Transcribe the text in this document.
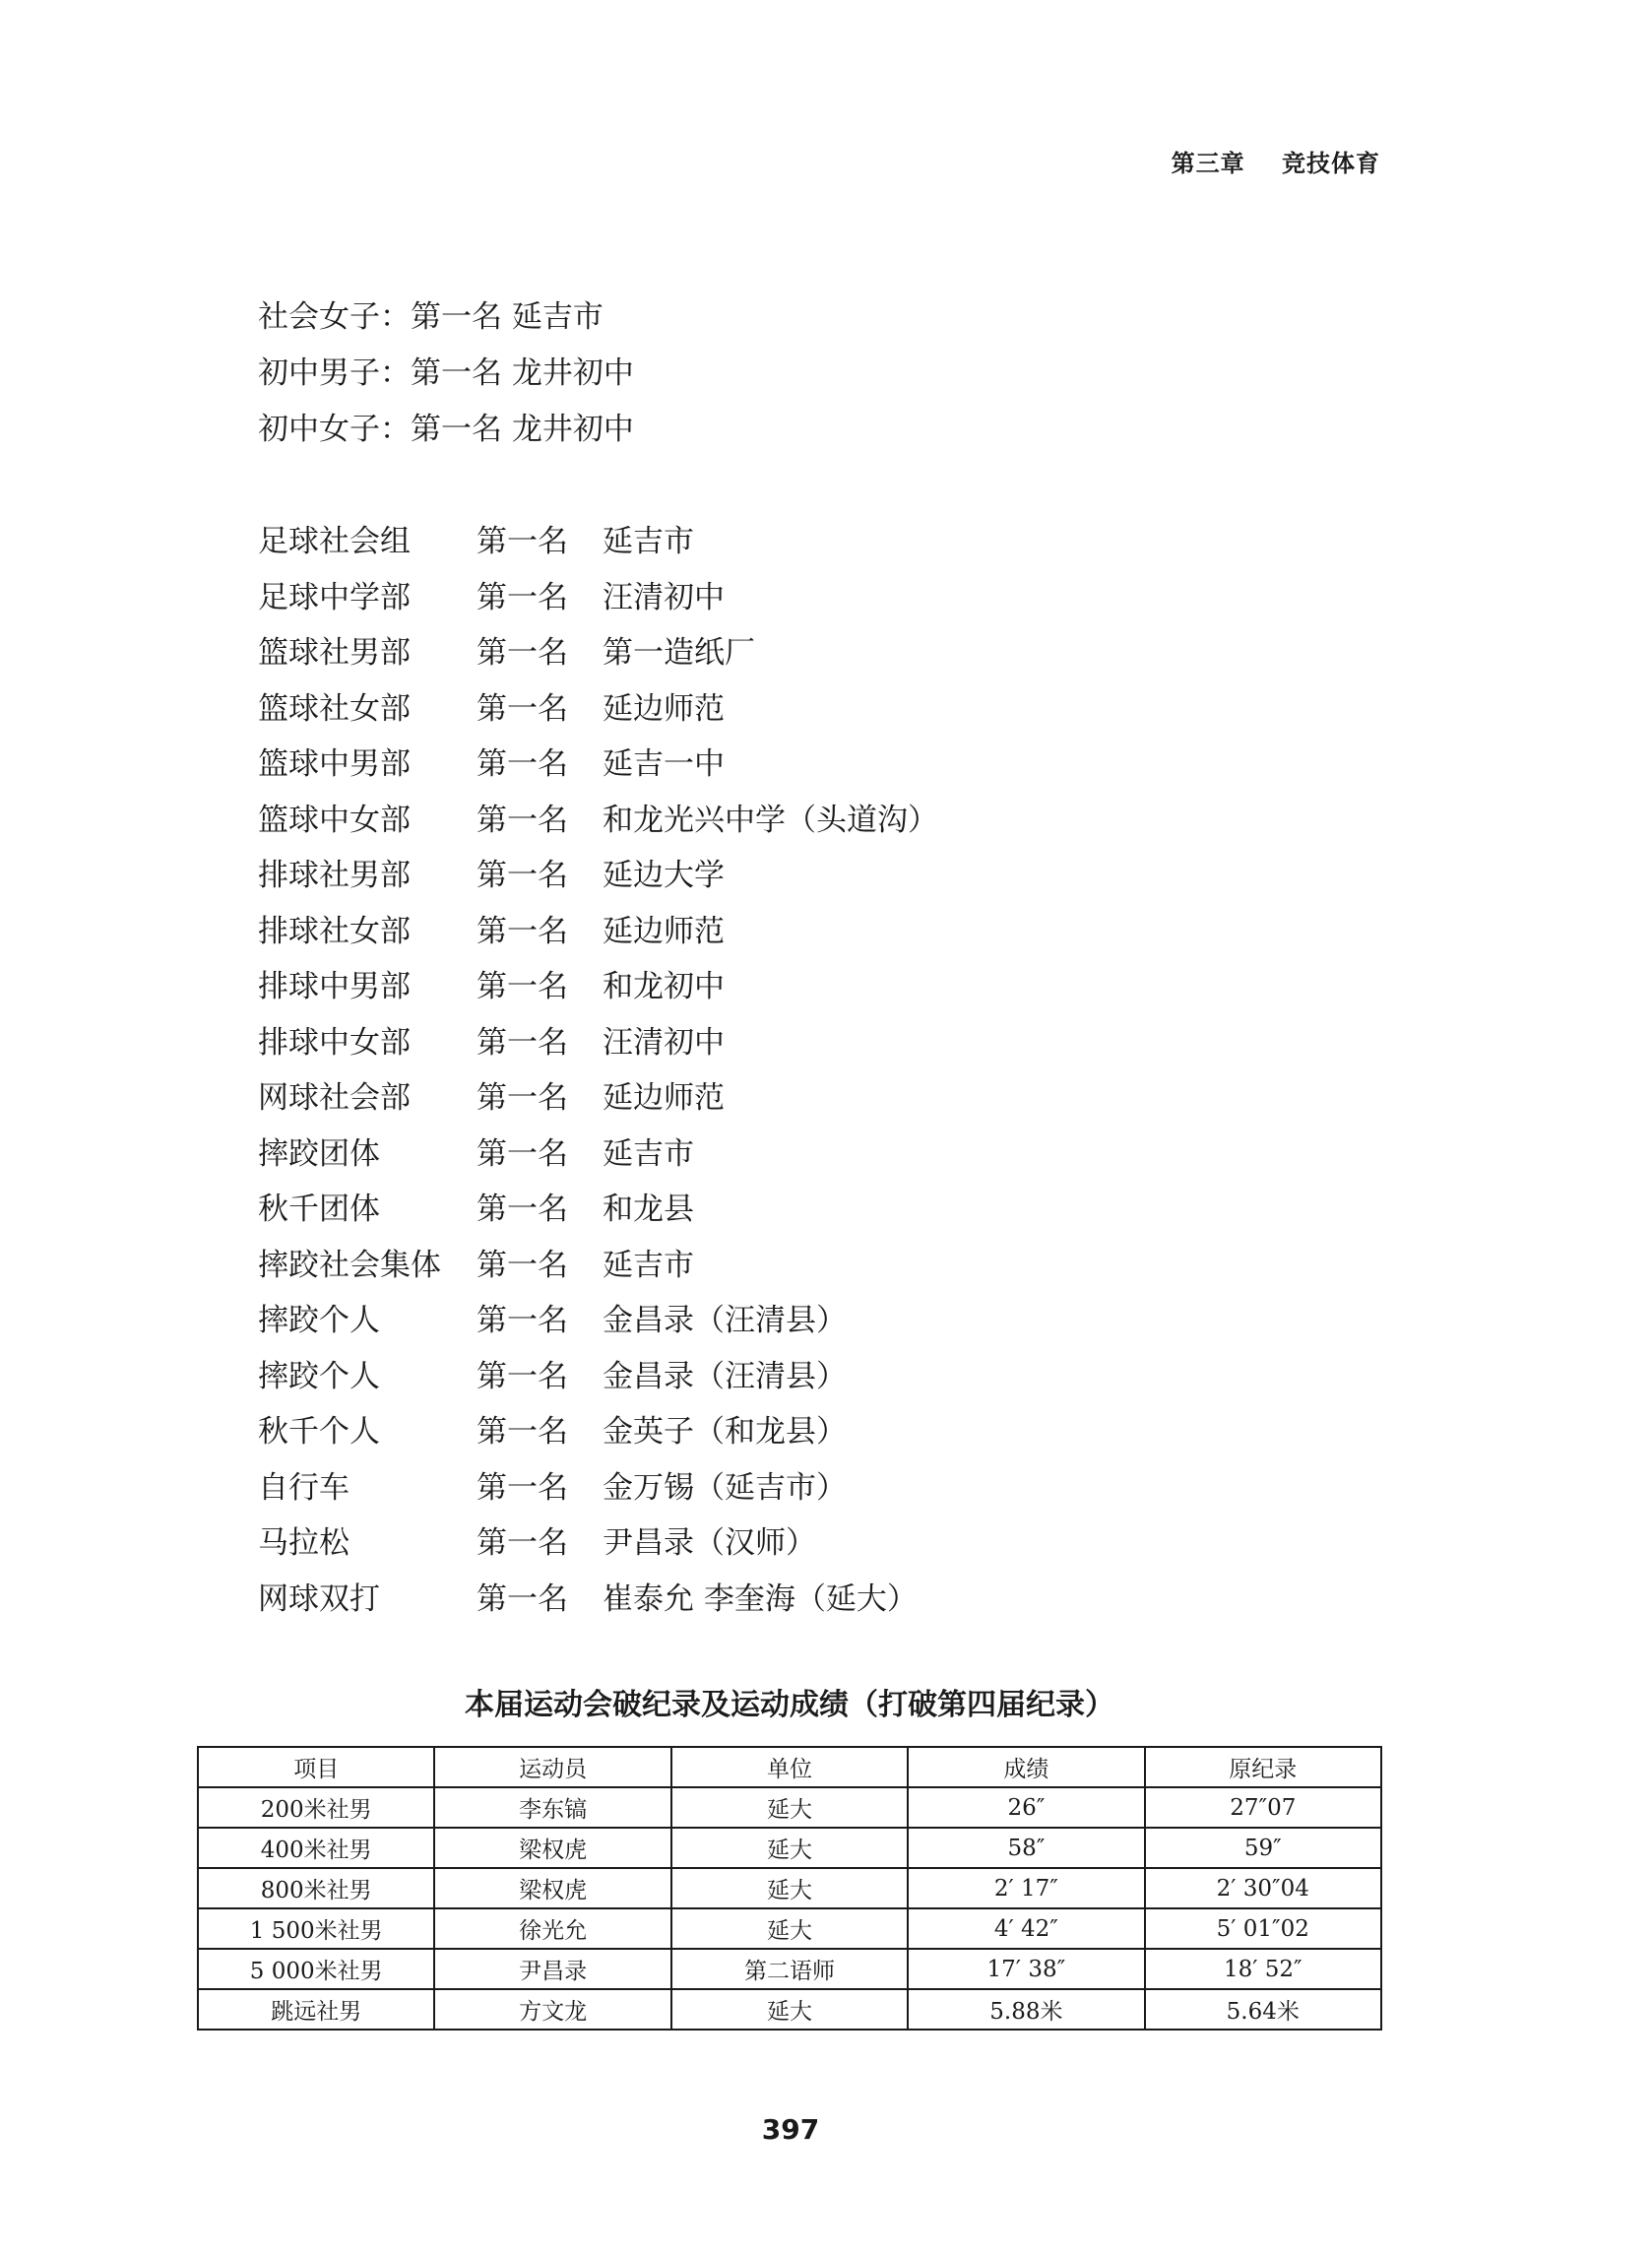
第三章    竞技体育
社会女子：第一名 延吉市
初中男子：第一名 龙井初中
初中女子：第一名 龙井初中
足球社会组	第一名	延吉市
足球中学部	第一名	汪清初中
篮球社男部	第一名	第一造纸厂
篮球社女部	第一名	延边师范
篮球中男部	第一名	延吉一中
篮球中女部	第一名	和龙光兴中学（头道沟）
排球社男部	第一名	延边大学
排球社女部	第一名	延边师范
排球中男部	第一名	和龙初中
排球中女部	第一名	汪清初中
网球社会部	第一名	延边师范
摔跤团体	第一名	延吉市
秋千团体	第一名	和龙县
摔跤社会集体	第一名	延吉市
摔跤个人	第一名	金昌录（汪清县）
摔跤个人	第一名	金昌录（汪清县）
秋千个人	第一名	金英子（和龙县）
自行车	第一名	金万锡（延吉市）
马拉松	第一名	尹昌录（汉师）
网球双打	第一名	崔泰允 李奎海（延大）
本届运动会破纪录及运动成绩（打破第四届纪录）
项目	运动员	单位	成绩	原纪录
200米社男	李东镐	延大	26″	27″07
400米社男	梁权虎	延大	58″	59″
800米社男	梁权虎	延大	2′ 17″	2′ 30″04
1 500米社男	徐光允	延大	4′ 42″	5′ 01″02
5 000米社男	尹昌录	第二语师	17′ 38″	18′ 52″
跳远社男	方文龙	延大	5.88米	5.64米
397
